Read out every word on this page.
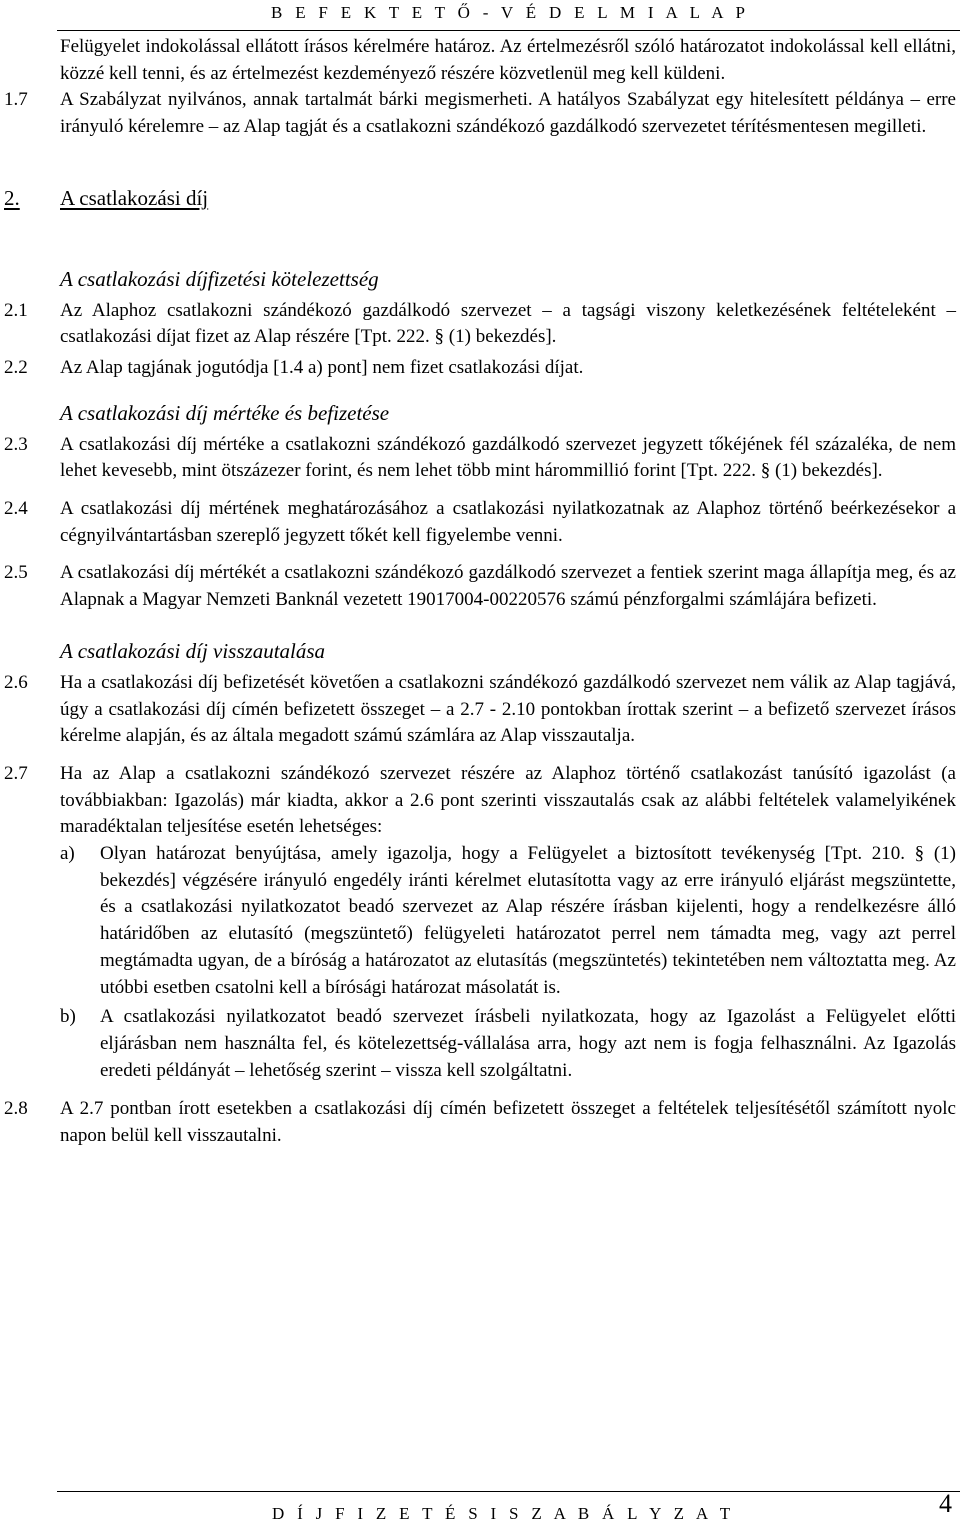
B E F E K T E T Ő - V É D E L M I A L A P
Felügyelet indokolással ellátott írásos kérelmére határoz. Az értelmezésről szóló határozatot indokolással kell ellátni, közzé kell tenni, és az értelmezést kezdeményező részére közvetlenül meg kell küldeni.
1.7	A Szabályzat nyilvános, annak tartalmát bárki megismerheti. A hatályos Szabályzat egy hitelesített példánya ‒ erre irányuló kérelemre ‒ az Alap tagját és a csatlakozni szándékozó gazdálkodó szervezetet térítésmentesen megilleti.
2.	A csatlakozási díj
A csatlakozási díjfizetési kötelezettség
2.1	Az Alaphoz csatlakozni szándékozó gazdálkodó szervezet ‒ a tagsági viszony keletkezésének feltételeként ‒ csatlakozási díjat fizet az Alap részére [Tpt. 222. § (1) bekezdés].
2.2	Az Alap tagjának jogutódja [1.4 a) pont] nem fizet csatlakozási díjat.
A csatlakozási díj mértéke és befizetése
2.3	A csatlakozási díj mértéke a csatlakozni szándékozó gazdálkodó szervezet jegyzett tőkéjének fél százaléka, de nem lehet kevesebb, mint ötszázezer forint, és nem lehet több mint hárommillió forint [Tpt. 222. § (1) bekezdés].
2.4	A csatlakozási díj mértének meghatározásához a csatlakozási nyilatkozatnak az Alaphoz történő beérkezésekor a cégnyilvántartásban szereplő jegyzett tőkét kell figyelembe venni.
2.5	A csatlakozási díj mértékét a csatlakozni szándékozó gazdálkodó szervezet a fentiek szerint maga állapítja meg, és az Alapnak a Magyar Nemzeti Banknál vezetett 19017004-00220576 számú pénzforgalmi számlájára befizeti.
A csatlakozási díj visszautalása
2.6	Ha a csatlakozási díj befizetését követően a csatlakozni szándékozó gazdálkodó szervezet nem válik az Alap tagjává, úgy a csatlakozási díj címén befizetett összeget ‒ a 2.7 - 2.10 pontokban írottak szerint ‒ a befizető szervezet írásos kérelme alapján, és az általa megadott számú számlára az Alap visszautalja.
2.7	Ha az Alap a csatlakozni szándékozó szervezet részére az Alaphoz történő csatlakozást tanúsító igazolást (a továbbiakban: Igazolás) már kiadta, akkor a 2.6 pont szerinti visszautalás csak az alábbi feltételek valamelyikének maradéktalan teljesítése esetén lehetséges:
a)	Olyan határozat benyújtása, amely igazolja, hogy a Felügyelet a biztosított tevékenység [Tpt. 210. § (1) bekezdés] végzésére irányuló engedély iránti kérelmet elutasította vagy az erre irányuló eljárást megszüntette, és a csatlakozási nyilatkozatot beadó szervezet az Alap részére írásban kijelenti, hogy a rendelkezésre álló határidőben az elutasító (megszüntető) felügyeleti határozatot perrel nem támadta meg, vagy azt perrel megtámadta ugyan, de a bíróság a határozatot az elutasítás (megszüntetés) tekintetében nem változtatta meg. Az utóbbi esetben csatolni kell a bírósági határozat másolatát is.
b)	A csatlakozási nyilatkozatot beadó szervezet írásbeli nyilatkozata, hogy az Igazolást a Felügyelet előtti eljárásban nem használta fel, és kötelezettség-vállalása arra, hogy azt nem is fogja felhasználni. Az Igazolás eredeti példányát ‒ lehetőség szerint ‒ vissza kell szolgáltatni.
2.8	A 2.7 pontban írott esetekben a csatlakozási díj címén befizetett összeget a feltételek teljesítésétől számított nyolc napon belül kell visszautalni.
D Í J F I Z E T É S I S Z A B Á L Y Z A T	4
